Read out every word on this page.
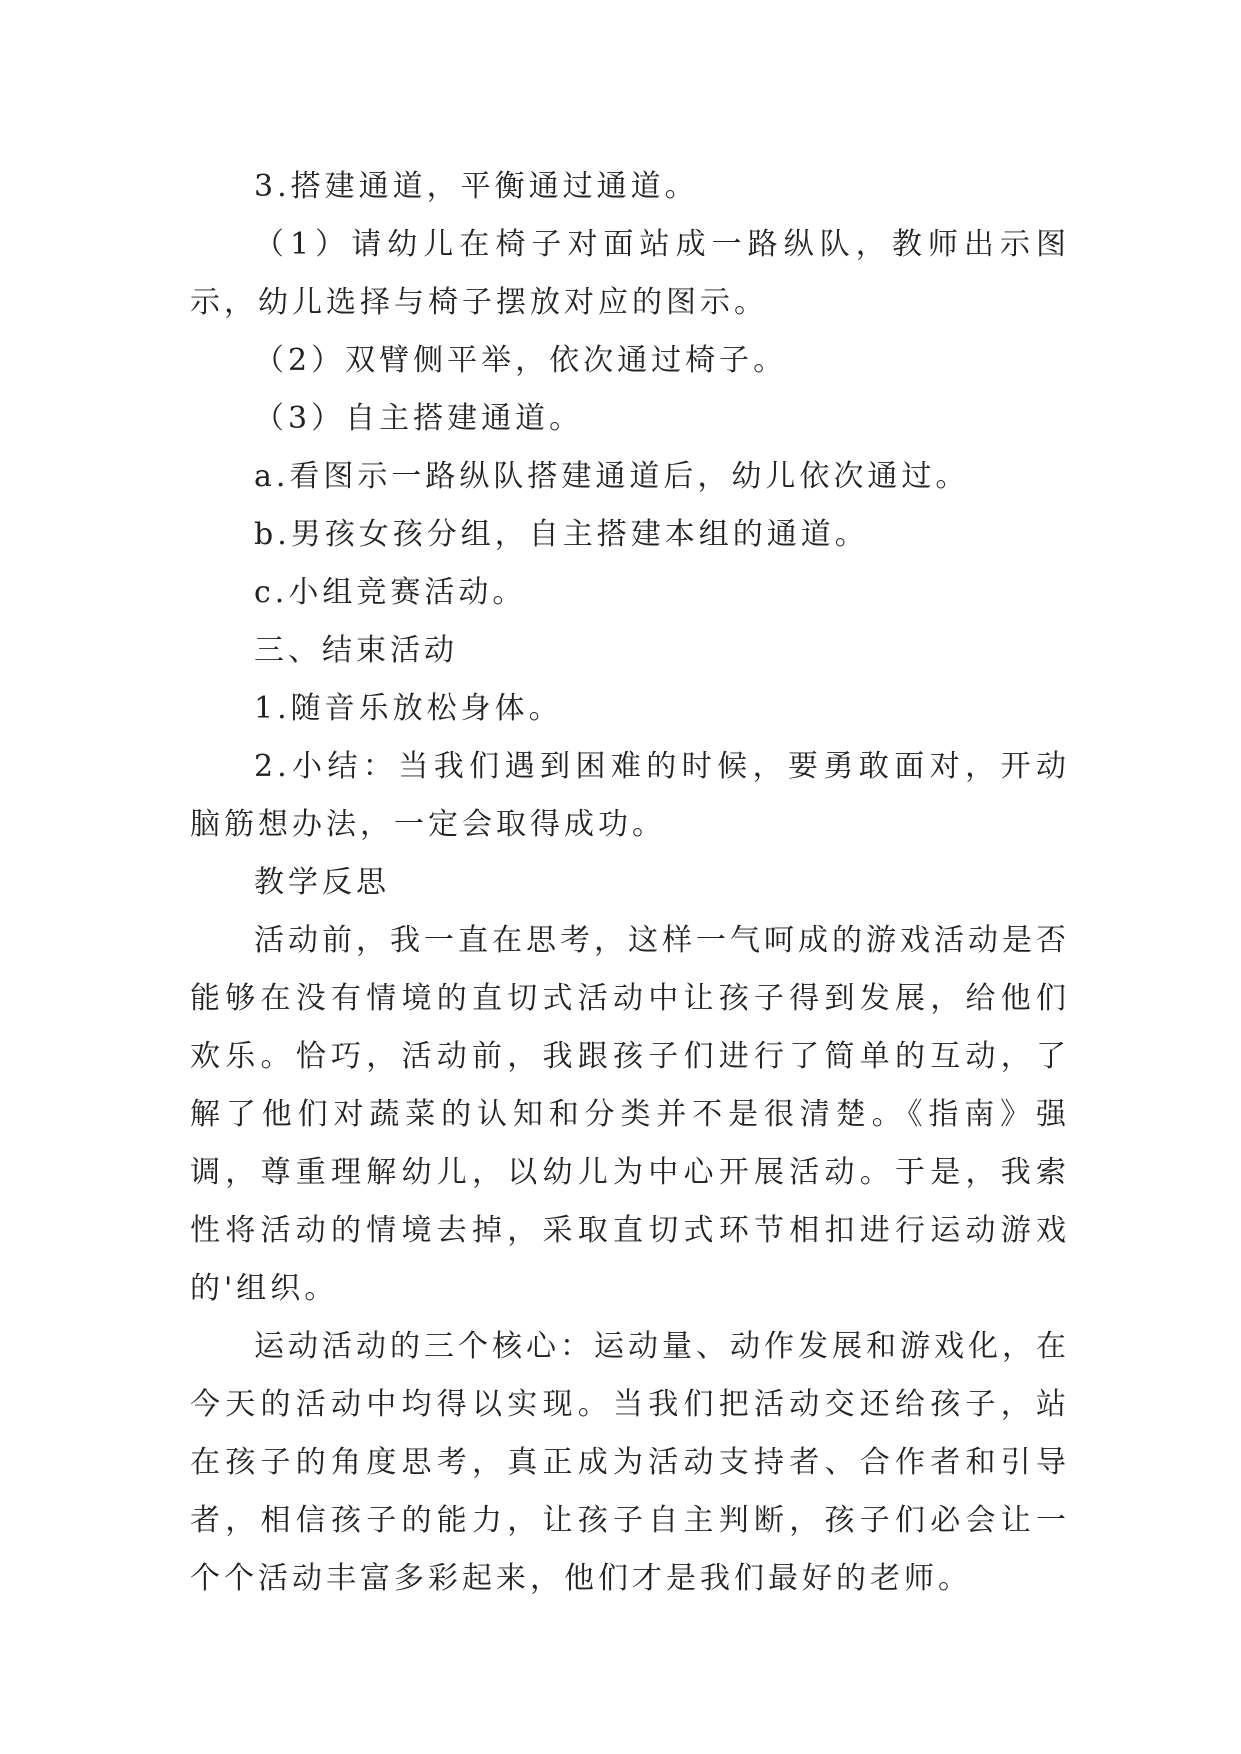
3.搭建通道，平衡通过通道。

（1）请幼儿在椅子对面站成一路纵队，教师出示图示，幼儿选择与椅子摆放对应的图示。

（2）双臂侧平举，依次通过椅子。

（3）自主搭建通道。

a.看图示一路纵队搭建通道后，幼儿依次通过。

b.男孩女孩分组，自主搭建本组的通道。

c.小组竞赛活动。

三、结束活动

1.随音乐放松身体。

2.小结：当我们遇到困难的时候，要勇敢面对，开动脑筋想办法，一定会取得成功。

教学反思

活动前，我一直在思考，这样一气呵成的游戏活动是否能够在没有情境的直切式活动中让孩子得到发展，给他们欢乐。恰巧，活动前，我跟孩子们进行了简单的互动，了解了他们对蔬菜的认知和分类并不是很清楚。《指南》强调，尊重理解幼儿，以幼儿为中心开展活动。于是，我索性将活动的情境去掉，采取直切式环节相扣进行运动游戏的'组织。

运动活动的三个核心：运动量、动作发展和游戏化，在今天的活动中均得以实现。当我们把活动交还给孩子，站在孩子的角度思考，真正成为活动支持者、合作者和引导者，相信孩子的能力，让孩子自主判断，孩子们必会让一个个活动丰富多彩起来，他们才是我们最好的老师。
